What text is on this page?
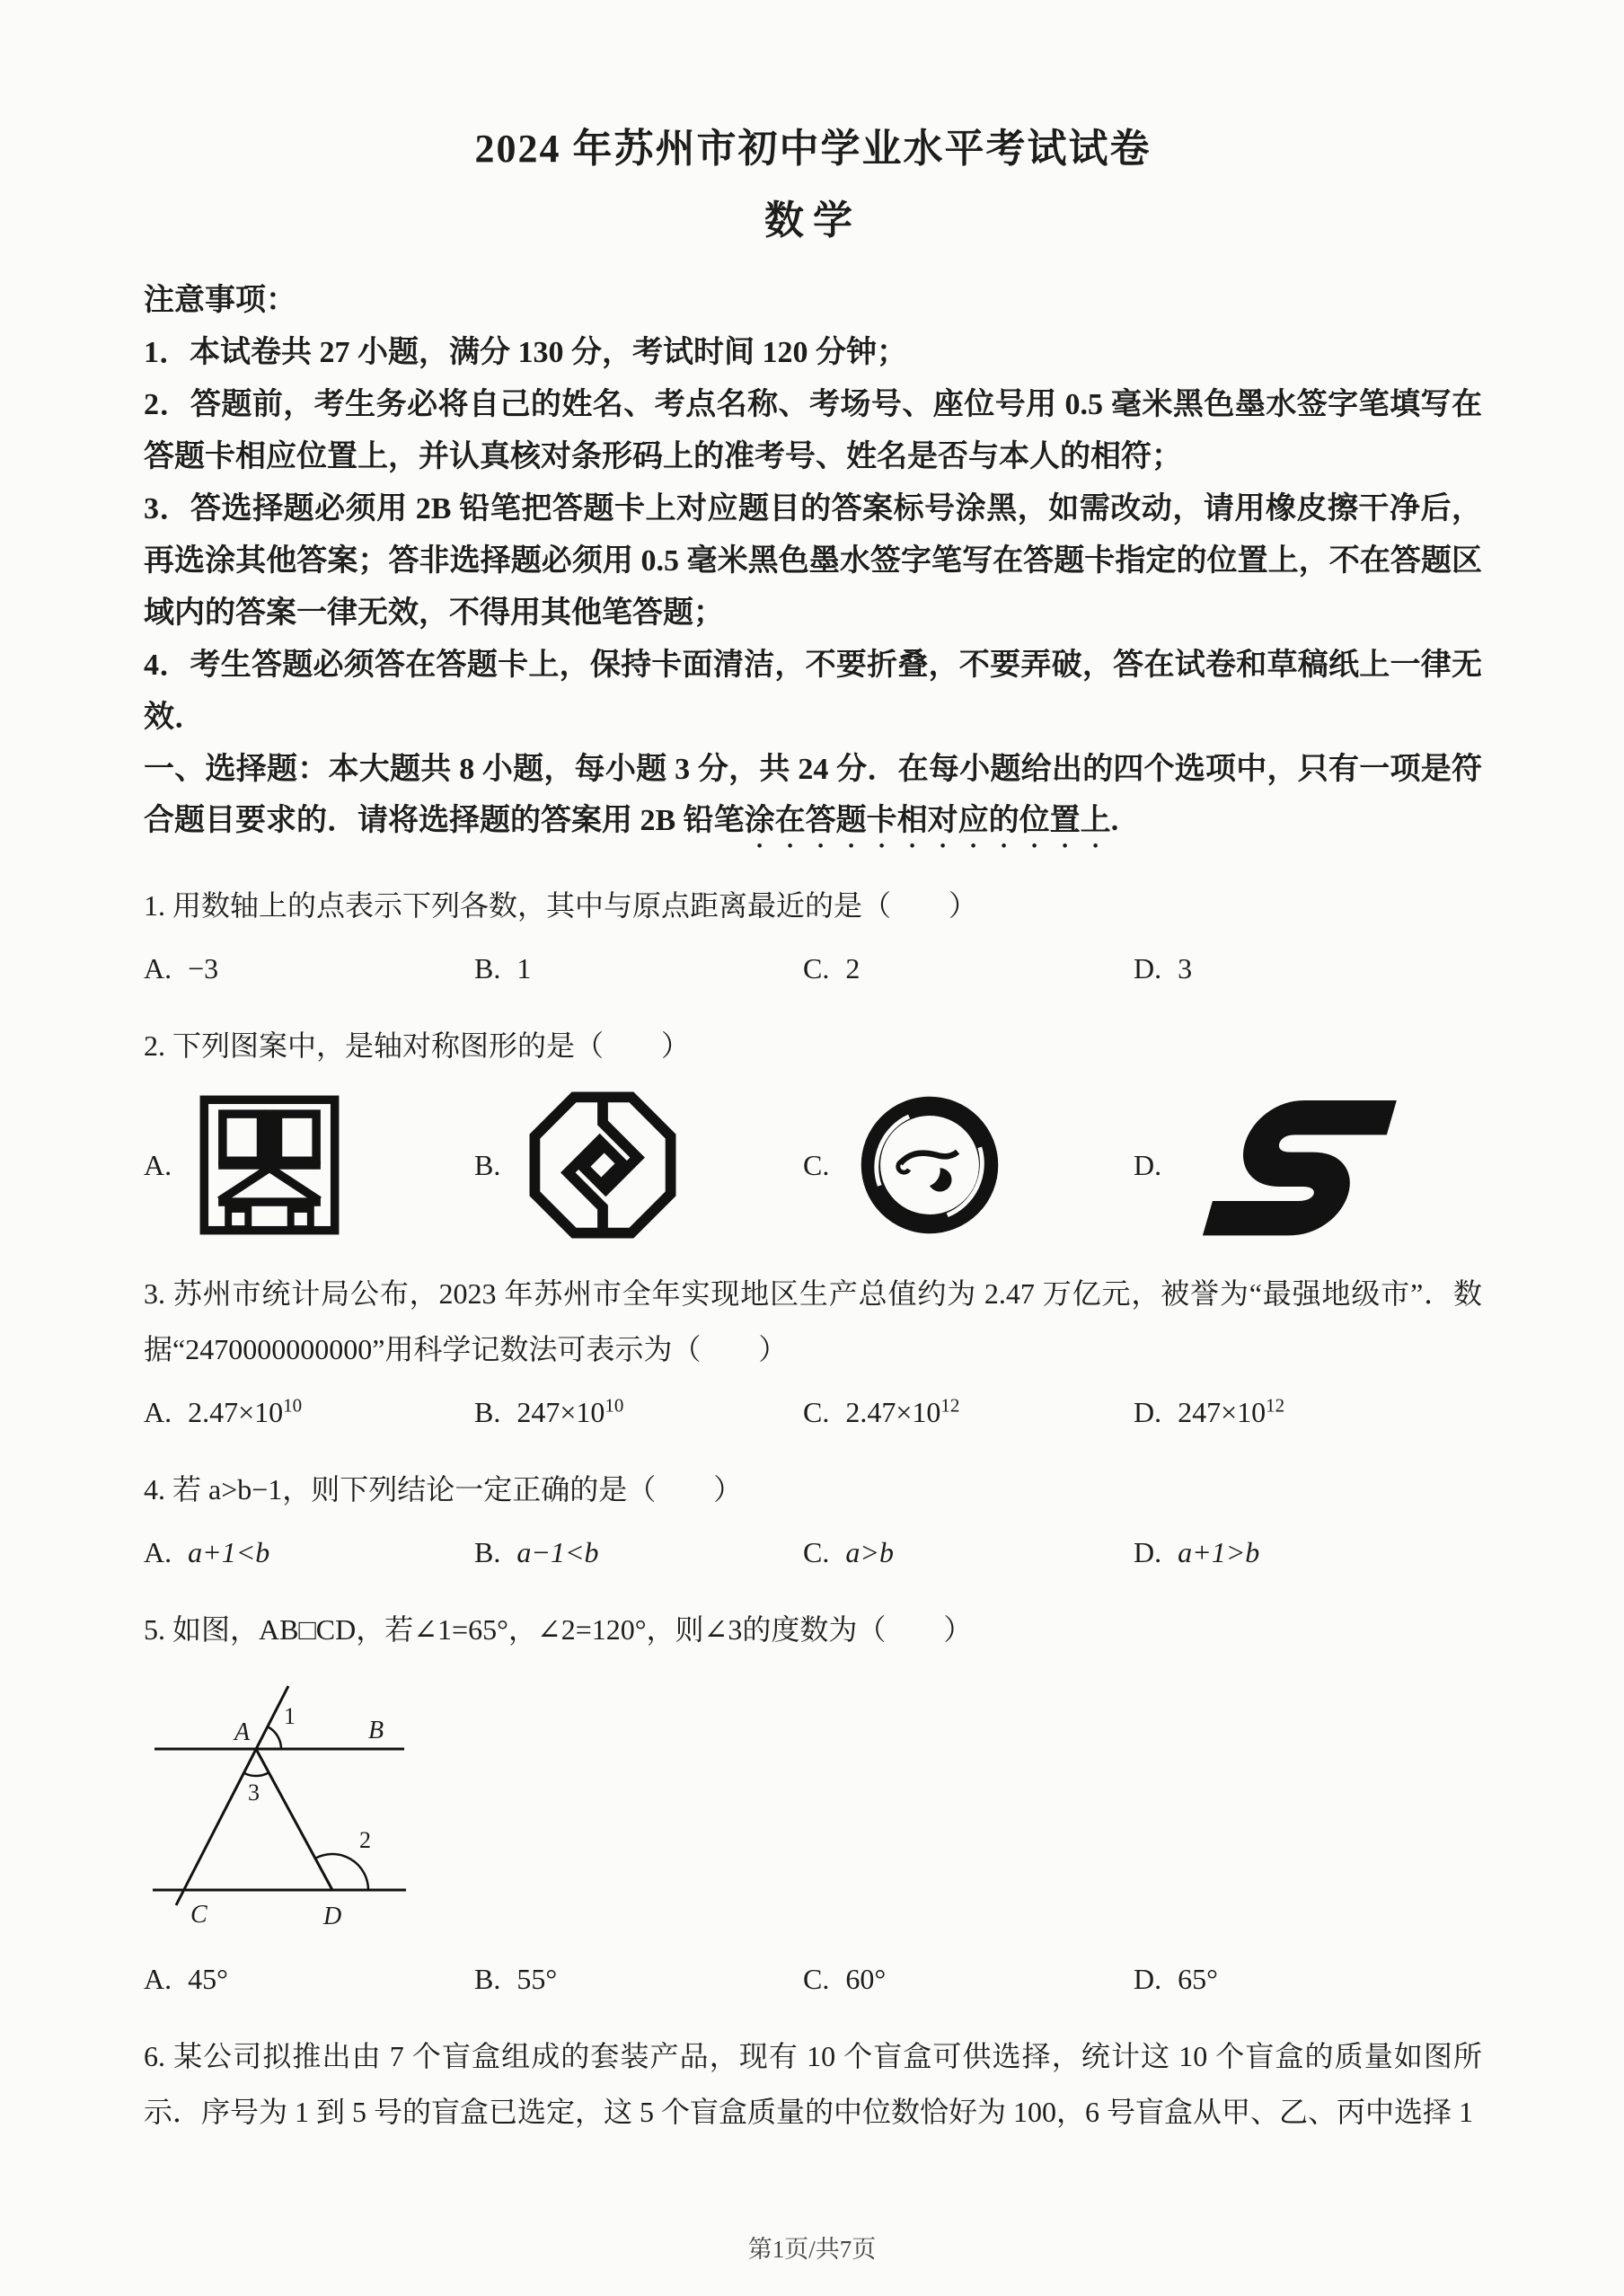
2024 年苏州市初中学业水平考试试卷
数学
注意事项：

1．本试卷共 27 小题，满分 130 分，考试时间 120 分钟；

2．答题前，考生务必将自己的姓名、考点名称、考场号、座位号用 0.5 毫米黑色墨水签字笔填写在答题卡相应位置上，并认真核对条形码上的准考号、姓名是否与本人的相符；

3．答选择题必须用 2B 铅笔把答题卡上对应题目的答案标号涂黑，如需改动，请用橡皮擦干净后，再选涂其他答案；答非选择题必须用 0.5 毫米黑色墨水签字笔写在答题卡指定的位置上，不在答题区域内的答案一律无效，不得用其他笔答题；

4．考生答题必须答在答题卡上，保持卡面清洁，不要折叠，不要弄破，答在试卷和草稿纸上一律无效．

一、选择题：本大题共 8 小题，每小题 3 分，共 24 分．在每小题给出的四个选项中，只有一项是符合题目要求的．请将选择题的答案用 2B 铅笔涂在答题卡相对应的位置上.

1. 用数轴上的点表示下列各数，其中与原点距离最近的是（　　）

A. −3	B. 1	C. 2	D. 3

2. 下列图案中，是轴对称图形的是（　　）

A.	B.	C.	D.

3. 苏州市统计局公布，2023 年苏州市全年实现地区生产总值约为 2.47 万亿元，被誉为“最强地级市”．数据“2470000000000”用科学记数法可表示为（　　）

A. $2.47\times 10^{10}$	B. $247\times 10^{10}$	C. $2.47\times 10^{12}$	D. $247\times 10^{12}$

4. 若 a>b−1，则下列结论一定正确的是（　　）

A. a+1<b	B. a−1<b	C. a>b	D. a+1>b

5. 如图，AB□CD，若∠1=65°，∠2=120°，则∠3的度数为（　　）

A	B
C	D
1
2
3
A. 45°	B. 55°	C. 60°	D. 65°

6. 某公司拟推出由 7 个盲盒组成的套装产品，现有 10 个盲盒可供选择，统计这 10 个盲盒的质量如图所示．序号为 1 到 5 号的盲盒已选定，这 5 个盲盒质量的中位数恰好为 100，6 号盲盒从甲、乙、丙中选择 1

第1页/共7页
